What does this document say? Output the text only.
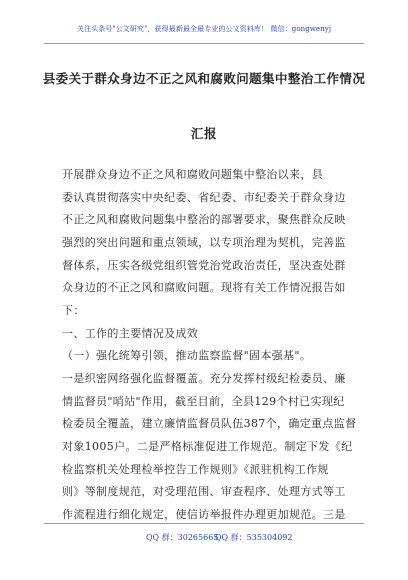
关注头条号"公文研究"，获得最新最全最专业的公文资料库！ 微信：gongwenyj
县委关于群众身边不正之风和腐败问题集中整治工作情况
汇报
开展群众身边不正之风和腐败问题集中整治以来，县
委认真贯彻落实中央纪委、省纪委、市纪委关于群众身边
不正之风和腐败问题集中整治的部署要求，聚焦群众反映
强烈的突出问题和重点领域，以专项治理为契机，完善监
督体系，压实各级党组织管党治党政治责任，坚决查处群
众身边的不正之风和腐败问题。现将有关工作情况报告如
下：
一、工作的主要情况及成效
（一）强化统筹引领，推动监察监督"固本强基"。
一是织密网络强化监督覆盖。充分发挥村级纪检委员、廉
情监督员"哨站"作用，截至目前，全县129个村已实现纪
检委员全覆盖，建立廉情监督员队伍387个，确定重点监督
对象1005户。二是严格标准促进工作规范。制定下发《纪
检监察机关处理检举控告工作规则》《派驻机构工作规
则》等制度规范，对受理范围、审查程序、处理方式等工
作流程进行细化规定，使信访举报件办理更加规范。三是
QQ 群：30265665
QQ 群：535304092
